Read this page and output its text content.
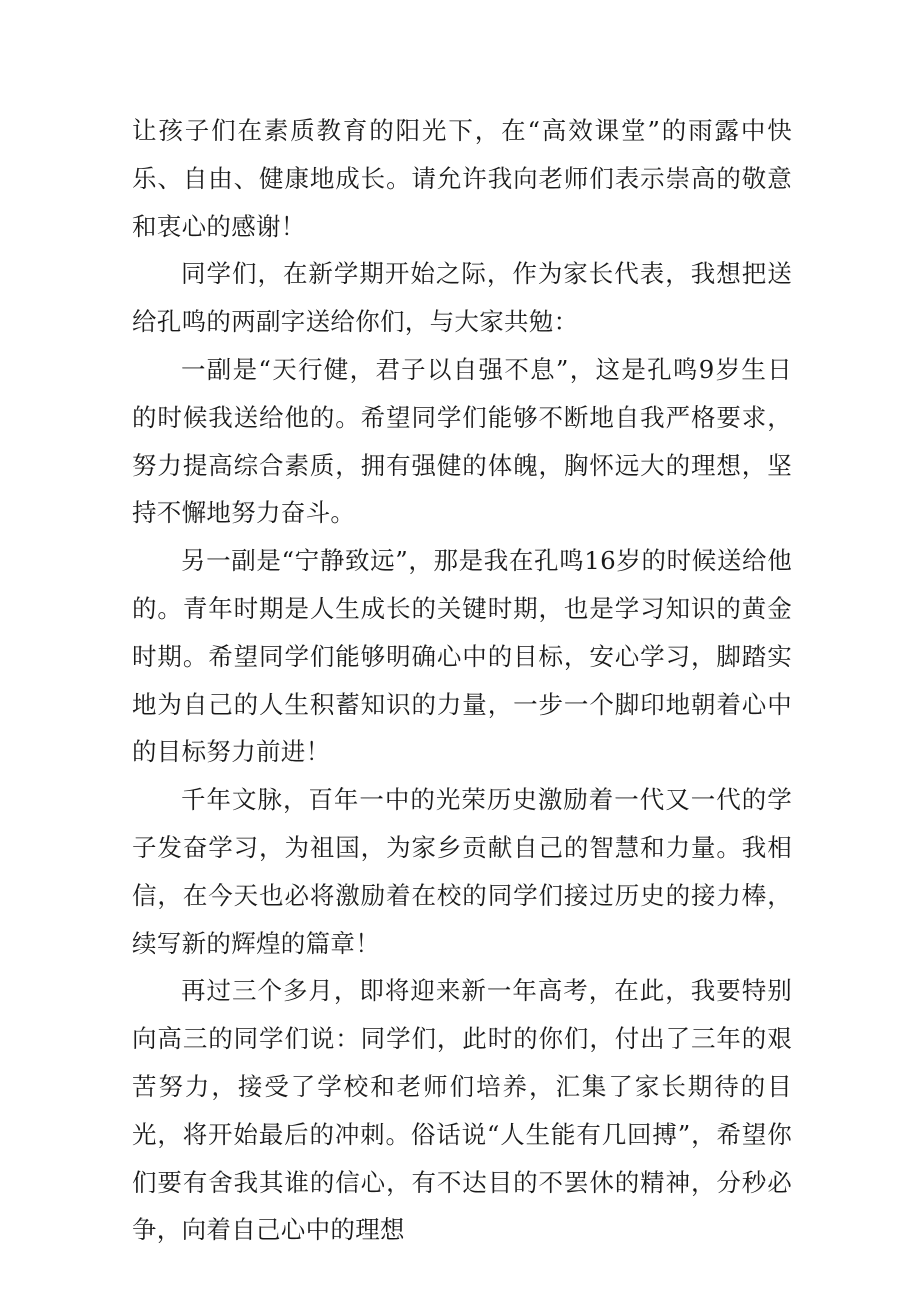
让孩子们在素质教育的阳光下，在“高效课堂”的雨露中快乐、自由、健康地成长。请允许我向老师们表示崇高的敬意和衷心的感谢！

同学们，在新学期开始之际，作为家长代表，我想把送给孔鸣的两副字送给你们，与大家共勉：

一副是“天行健，君子以自强不息”，这是孔鸣9岁生日的时候我送给他的。希望同学们能够不断地自我严格要求，努力提高综合素质，拥有强健的体魄，胸怀远大的理想，坚持不懈地努力奋斗。

另一副是“宁静致远”，那是我在孔鸣16岁的时候送给他的。青年时期是人生成长的关键时期，也是学习知识的黄金时期。希望同学们能够明确心中的目标，安心学习，脚踏实地为自己的人生积蓄知识的力量，一步一个脚印地朝着心中的目标努力前进！

千年文脉，百年一中的光荣历史激励着一代又一代的学子发奋学习，为祖国，为家乡贡献自己的智慧和力量。我相信，在今天也必将激励着在校的同学们接过历史的接力棒，续写新的辉煌的篇章！

再过三个多月，即将迎来新一年高考，在此，我要特别向高三的同学们说：同学们，此时的你们，付出了三年的艰苦努力，接受了学校和老师们培养，汇集了家长期待的目光，将开始最后的冲刺。俗话说“人生能有几回搏”，希望你们要有舍我其谁的信心，有不达目的不罢休的精神，分秒必争，向着自己心中的理想
